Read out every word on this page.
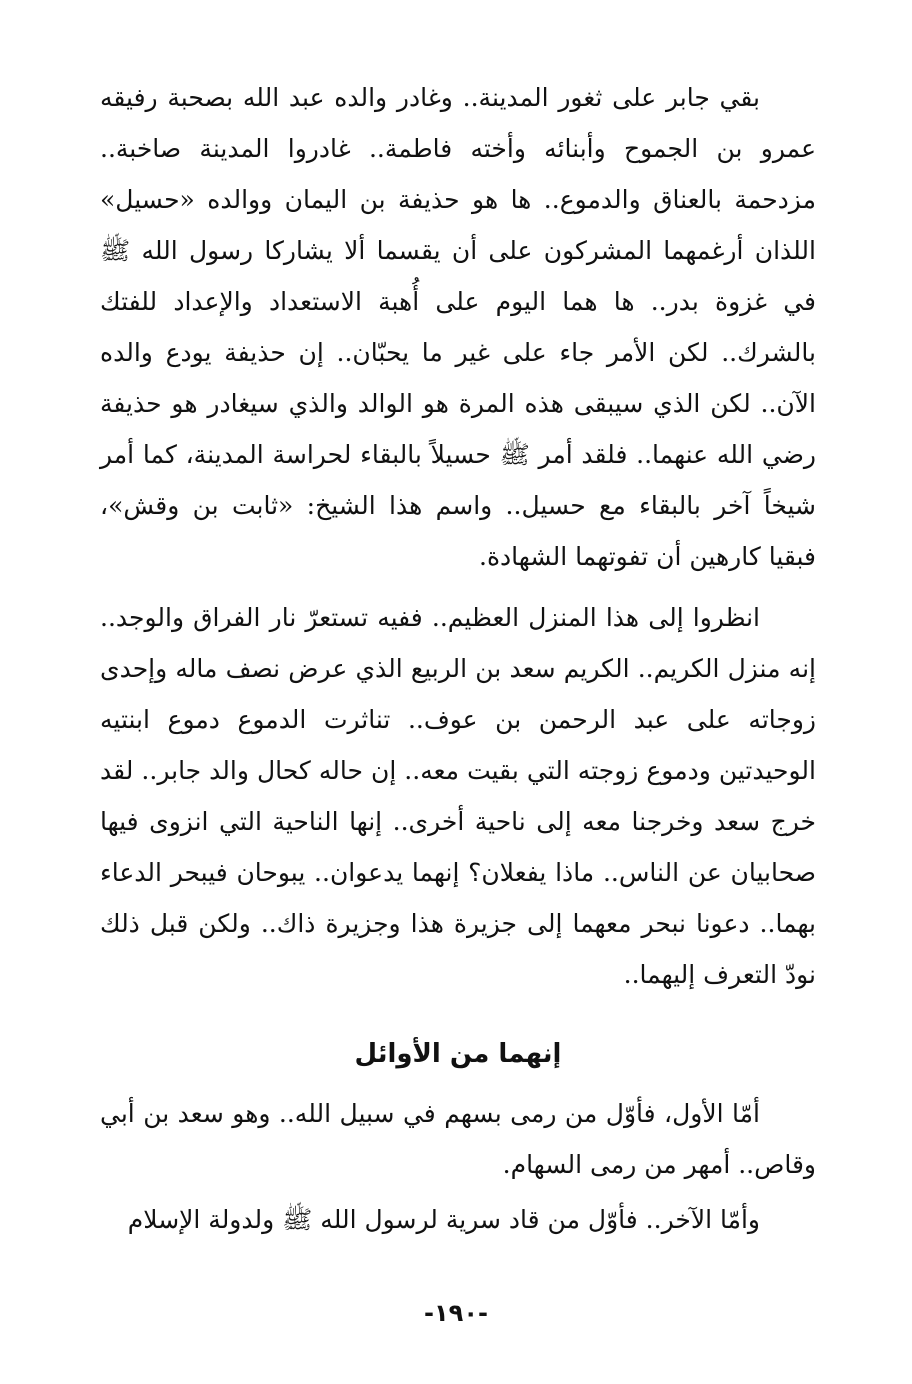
بقي جابر على ثغور المدينة.. وغادر والده عبد الله بصحبة رفيقه عمرو بن الجموح وأبنائه وأخته فاطمة.. غادروا المدينة صاخبة.. مزدحمة بالعناق والدموع.. ها هو حذيفة بن اليمان ووالده «حسيل» اللذان أرغمهما المشركون على أن يقسما ألا يشاركا رسول الله ﷺ في غزوة بدر.. ها هما اليوم على أُهبة الاستعداد والإعداد للفتك بالشرك.. لكن الأمر جاء على غير ما يحبّان.. إن حذيفة يودع والده الآن.. لكن الذي سيبقى هذه المرة هو الوالد والذي سيغادر هو حذيفة رضي الله عنهما.. فلقد أمر ﷺ حسيلاً بالبقاء لحراسة المدينة، كما أمر شيخاً آخر بالبقاء مع حسيل.. واسم هذا الشيخ: «ثابت بن وقش»، فبقيا كارهين أن تفوتهما الشهادة.

انظروا إلى هذا المنزل العظيم.. ففيه تستعرّ نار الفراق والوجد.. إنه منزل الكريم.. الكريم سعد بن الربيع الذي عرض نصف ماله وإحدى زوجاته على عبد الرحمن بن عوف.. تناثرت الدموع دموع ابنتيه الوحيدتين ودموع زوجته التي بقيت معه.. إن حاله كحال والد جابر.. لقد خرج سعد وخرجنا معه إلى ناحية أخرى.. إنها الناحية التي انزوى فيها صحابيان عن الناس.. ماذا يفعلان؟ إنهما يدعوان.. يبوحان فيبحر الدعاء بهما.. دعونا نبحر معهما إلى جزيرة هذا وجزيرة ذاك.. ولكن قبل ذلك نودّ التعرف إليهما..

إنهما من الأوائل

أمّا الأول، فأوّل من رمى بسهم في سبيل الله.. وهو سعد بن أبي وقاص.. أمهر من رمى السهام.

وأمّا الآخر.. فأوّل من قاد سرية لرسول الله ﷺ ولدولة الإسلام

-١٩٠-
